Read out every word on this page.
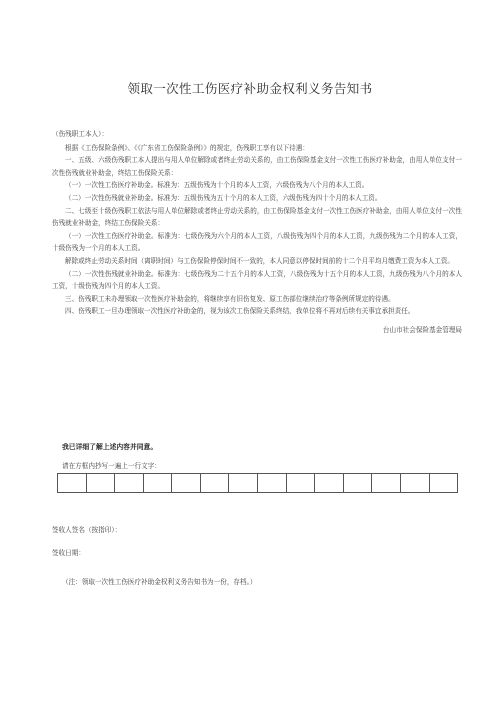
领取一次性工伤医疗补助金权利义务告知书

（伤残职工本人）：

根据《工伤保险条例》、《《广东省工伤保险条例》》的规定，伤残职工享有以下待遇：

一、五级、六级伤残职工本人提出与用人单位解除或者终止劳动关系的，由工伤保险基金支付一次性工伤医疗补助金，由用人单位支付一次性伤残就业补助金，终结工伤保险关系：

（一）一次性工伤医疗补助金。标准为：五级伤残为十个月的本人工资，六级伤残为八个月的本人工资。

（二）一次性伤残就业补助金。标准为：五级伤残为五十个月的本人工资，六级伤残为四十个月的本人工资。

二、七级至十级伤残职工依法与用人单位解除或者终止劳动关系的，由工伤保险基金支付一次性工伤医疗补助金，由用人单位支付一次性伤残就业补助金，终结工伤保险关系：

（一）一次性工伤医疗补助金。标准为：七级伤残为六个月的本人工资，八级伤残为四个月的本人工资，九级伤残为二个月的本人工资，十级伤残为一个月的本人工资。

解除或终止劳动关系时间（离职时间）与工伤保险停保时间不一致的，本人同意以停保时间前的十二个月平均月缴费工资为本人工资。

（二）一次性伤残就业补助金。标准为：七级伤残为二十五个月的本人工资，八级伤残为十五个月的本人工资，九级伤残为八个月的本人工资，十级伤残为四个月的本人工资。

三、伤残职工未办理领取一次性医疗补助金的，将继续享有旧伤复发、原工伤部位继续治疗等条例所规定的待遇。

四、伤残职工一旦办理领取一次性医疗补助金的，视为该次工伤保险关系终结，我单位将不再对后续有关事宜承担责任。

台山市社会保险基金管理局

我已详细了解上述内容并同意。
请在方框内抄写一遍上一行文字：
签收人签名（按指印）：
签收日期：
（注：领取一次性工伤医疗补助金权利义务告知书为一份，存档。）
